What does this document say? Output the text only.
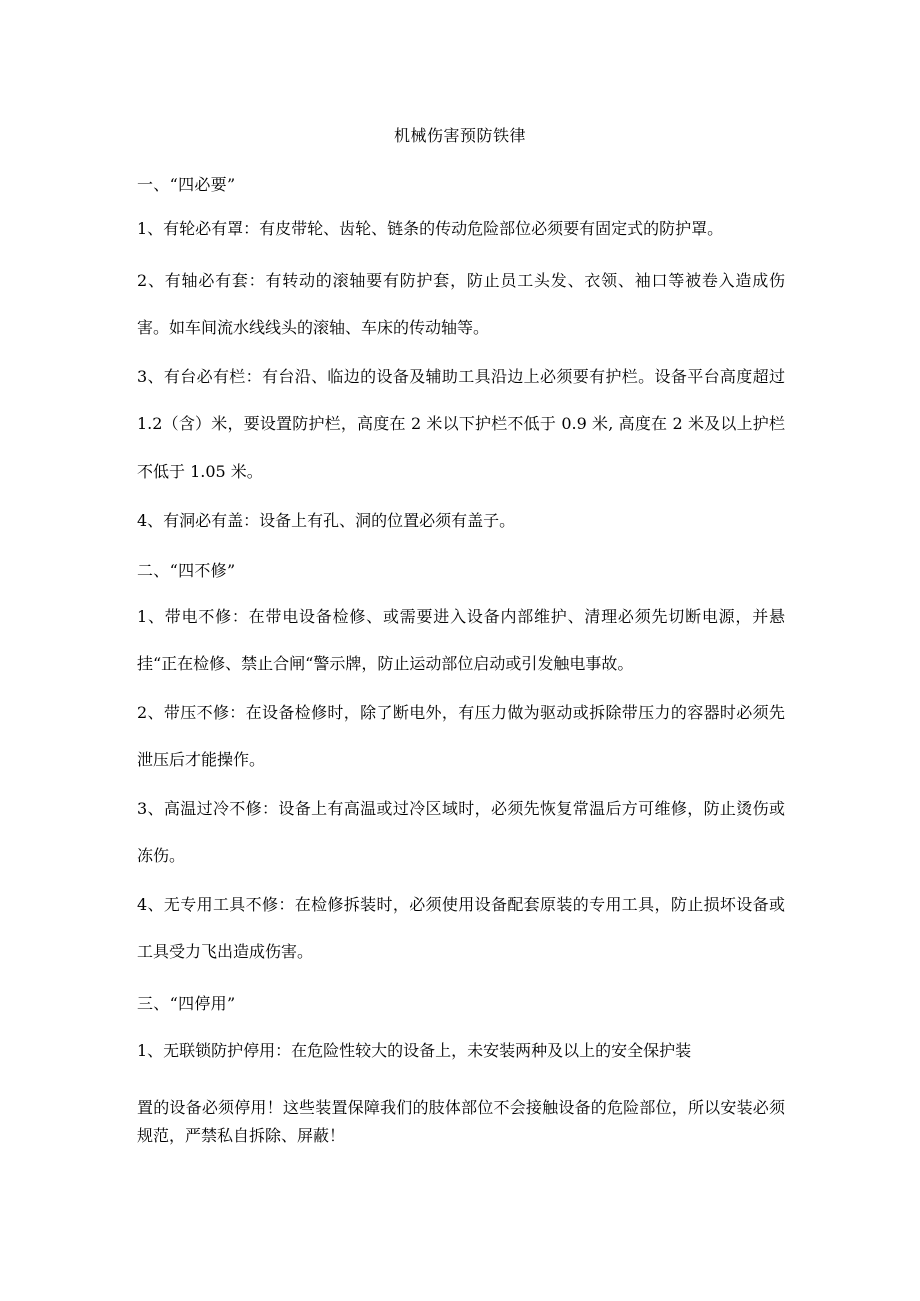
机械伤害预防铁律
一、“四必要”
1、有轮必有罩：有皮带轮、齿轮、链条的传动危险部位必须要有固定式的防护罩。
2、有轴必有套：有转动的滚轴要有防护套，防止员工头发、衣领、袖口等被卷入造成伤害。如车间流水线线头的滚轴、车床的传动轴等。
3、有台必有栏：有台沿、临边的设备及辅助工具沿边上必须要有护栏。设备平台高度超过 1.2（含）米，要设置防护栏，高度在 2 米以下护栏不低于 0.9 米, 高度在 2 米及以上护栏不低于 1.05 米。
4、有洞必有盖：设备上有孔、洞的位置必须有盖子。
二、“四不修”
1、带电不修：在带电设备检修、或需要进入设备内部维护、清理必须先切断电源，并悬挂“正在检修、禁止合闸“警示牌，防止运动部位启动或引发触电事故。
2、带压不修：在设备检修时，除了断电外，有压力做为驱动或拆除带压力的容器时必须先泄压后才能操作。
3、高温过冷不修：设备上有高温或过冷区域时，必须先恢复常温后方可维修，防止烫伤或冻伤。
4、无专用工具不修：在检修拆装时，必须使用设备配套原装的专用工具，防止损坏设备或工具受力飞出造成伤害。
三、“四停用”
1、无联锁防护停用：在危险性较大的设备上，未安装两种及以上的安全保护装
置的设备必须停用！这些装置保障我们的肢体部位不会接触设备的危险部位，所以安装必须规范，严禁私自拆除、屏蔽！
